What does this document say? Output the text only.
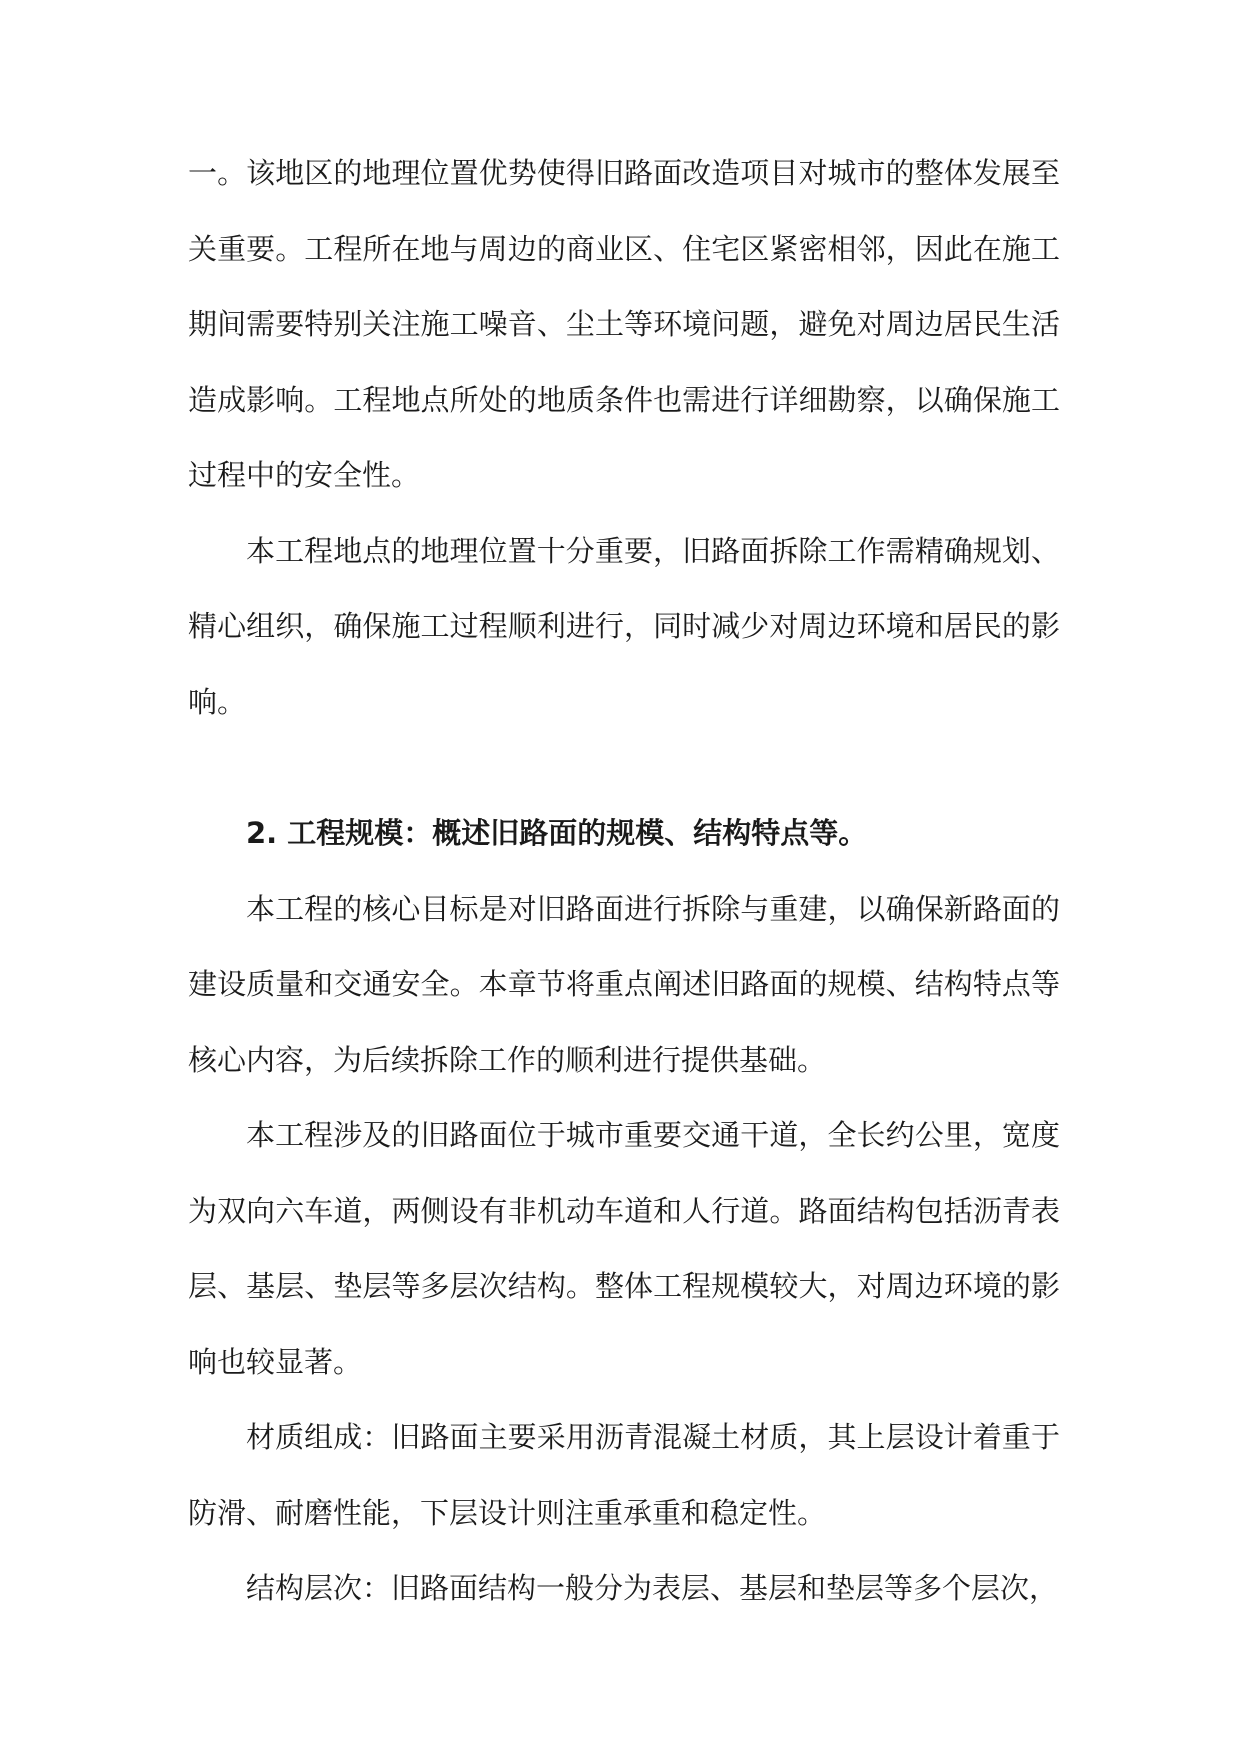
一。该地区的地理位置优势使得旧路面改造项目对城市的整体发展至关重要。工程所在地与周边的商业区、住宅区紧密相邻，因此在施工期间需要特别关注施工噪音、尘土等环境问题，避免对周边居民生活造成影响。工程地点所处的地质条件也需进行详细勘察，以确保施工过程中的安全性。

本工程地点的地理位置十分重要，旧路面拆除工作需精确规划、精心组织，确保施工过程顺利进行，同时减少对周边环境和居民的影响。

2. 工程规模：概述旧路面的规模、结构特点等。

本工程的核心目标是对旧路面进行拆除与重建，以确保新路面的建设质量和交通安全。本章节将重点阐述旧路面的规模、结构特点等核心内容，为后续拆除工作的顺利进行提供基础。

本工程涉及的旧路面位于城市重要交通干道，全长约公里，宽度为双向六车道，两侧设有非机动车道和人行道。路面结构包括沥青表层、基层、垫层等多层次结构。整体工程规模较大，对周边环境的影响也较显著。

材质组成：旧路面主要采用沥青混凝土材质，其上层设计着重于防滑、耐磨性能，下层设计则注重承重和稳定性。

结构层次：旧路面结构一般分为表层、基层和垫层等多个层次，
